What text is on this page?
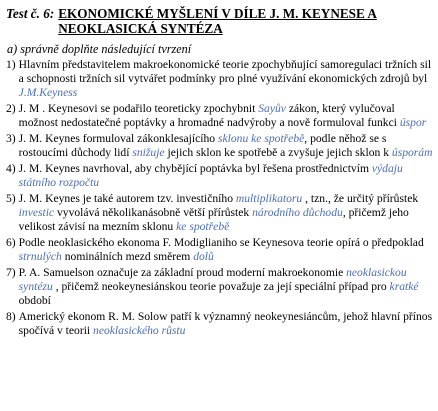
Test č. 6: EKONOMICKÉ MYŠLENÍ V DÍLE J. M. KEYNESE A
NEOKLASICKÁ SYNTÉZA
a) správně doplňte následující tvrzení
1) Hlavním představitelem makroekonomické teorie zpochybňující samoregulaci tržních sil a schopnosti tržních sil vytvářet podmínky pro plné využívání ekonomických zdrojů byl J.M.Keyness
2) J. M . Keynesovi se podařilo teoreticky zpochybnit Sayův zákon, který vylučoval možnost nedostatečné poptávky a hromadné nadvýroby a nově formuloval funkci úspor
3) J. M. Keynes formuloval zákonklesajícího sklonu ke spotřebě, podle něhož se s rostoucími důchody lidí snižuje jejich sklon ke spotřebě a zvyšuje jejich sklon k úsporám
4) J. M. Keynes navrhoval, aby chybějící poptávka byl řešena prostřednictvím výdaju státního rozpočtu
5) J. M. Keynes je také autorem tzv. investičního multiplikatoru , tzn., že určitý přírůstek investic vyvolává několikanásobně větší přírůstek národního důchodu, přičemž jeho velikost závisí na mezním sklonu ke spotřebě
6) Podle neoklasického ekonoma F. Modiglianiho se Keynesova teorie opírá o předpoklad strnulých nominálních mezd směrem dolů
7) P. A. Samuelson označuje za základní proud moderní makroekonomie neoklasickou syntézu , přičemž neokeynesiánskou teorie považuje za její speciální případ pro kratké období
8) Americký ekonom R. M. Solow patří k významný neokeynesiáncům, jehož hlavní přínos spočívá v teorii neoklasického růstu
